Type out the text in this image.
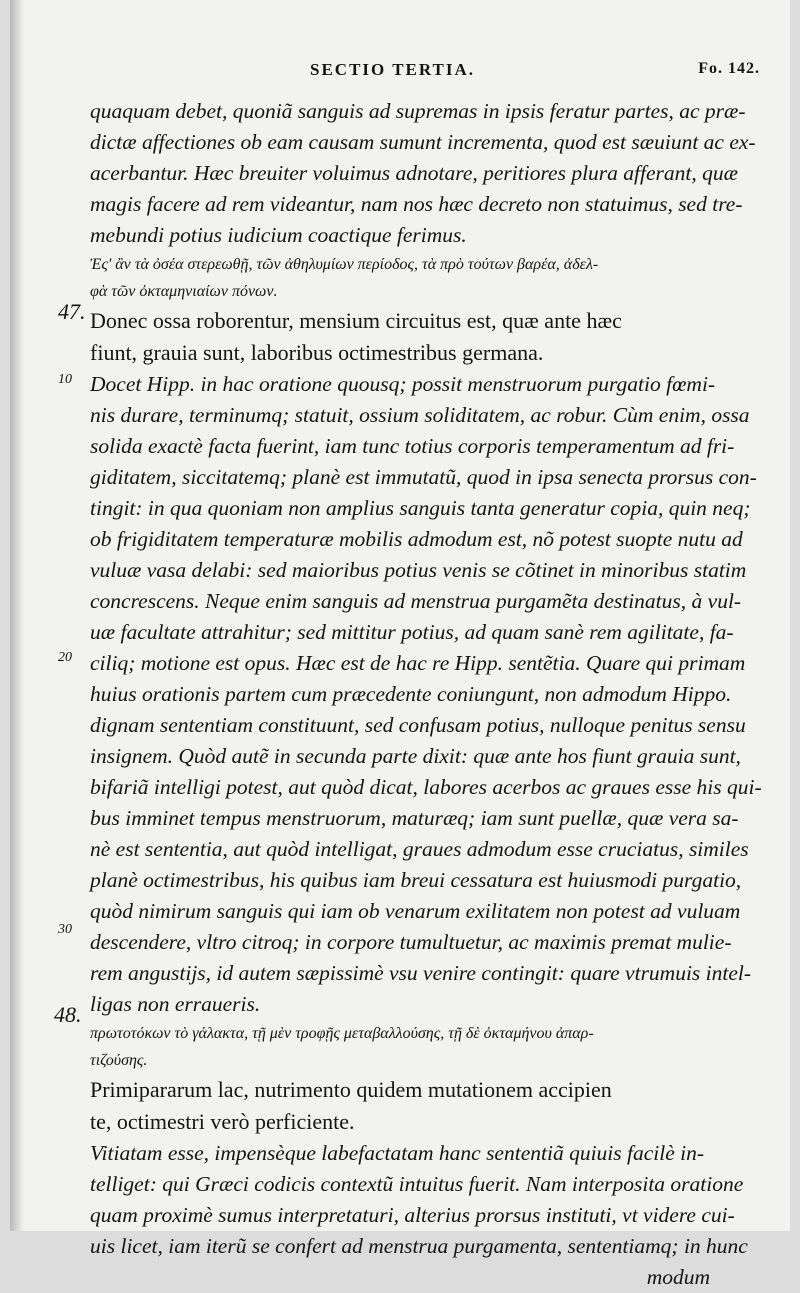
SECTIO TERTIA.	Fo. 142.
47.
10
20
30
48.
quaquam debet, quoniã sanguis ad supremas in ipsis feratur partes, ac præ-
dictæ affectiones ob eam causam sumunt incrementa, quod est sæuiunt ac ex-
acerbantur. Hæc breuiter voluimus adnotare, peritiores plura afferant, quæ
magis facere ad rem videantur, nam nos hæc decreto non statuimus, sed tre-
mebundi potius iudicium coactique ferimus.
Ἐς' ἂν τὰ ὀσέα στερεωθῇ, τῶν ἀθηλυμίων περίοδος, τὰ πρὸ τούτων βαρέα, ἀδελ-
φὰ τῶν ὀκταμηνιαίων πόνων.
Donec ossa roborentur, mensium circuitus est, quæ ante hæc
fiunt, grauia sunt, laboribus octimestribus germana.
Docet Hipp. in hac oratione quousq; possit menstruorum purgatio fœmi-
nis durare, terminumq; statuit, ossium soliditatem, ac robur. Cùm enim, ossa
solida exactè facta fuerint, iam tunc totius corporis temperamentum ad fri-
giditatem, siccitatemq; planè est immutatũ, quod in ipsa senecta prorsus con-
tingit: in qua quoniam non amplius sanguis tanta generatur copia, quin neq;
ob frigiditatem temperaturæ mobilis admodum est, nõ potest suopte nutu ad
vuluæ vasa delabi: sed maioribus potius venis se cõtinet in minoribus statim
concrescens. Neque enim sanguis ad menstrua purgamẽta destinatus, à vul-
uæ facultate attrahitur; sed mittitur potius, ad quam sanè rem agilitate, fa-
ciliq; motione est opus. Hæc est de hac re Hipp. sentẽtia. Quare qui primam
huius orationis partem cum præcedente coniungunt, non admodum Hippo.
dignam sententiam constituunt, sed confusam potius, nulloque penitus sensu
insignem. Quòd autẽ in secunda parte dixit: quæ ante hos fiunt grauia sunt,
bifariã intelligi potest, aut quòd dicat, labores acerbos ac graues esse his qui-
bus imminet tempus menstruorum, maturæq; iam sunt puellæ, quæ vera sa-
nè est sententia, aut quòd intelligat, graues admodum esse cruciatus, similes
planè octimestribus, his quibus iam breui cessatura est huiusmodi purgatio,
quòd nimirum sanguis qui iam ob venarum exilitatem non potest ad vuluam
descendere, vltro citroq; in corpore tumultuetur, ac maximis premat mulie-
rem angustijs, id autem sæpissimè vsu venire contingit: quare vtrumuis intel-
ligas non erraueris.
πρωτοτόκων τὸ γάλακτα, τῇ μὲν τροφῇς μεταβαλλούσης, τῇ δὲ ὀκταμήνου ἀπαρ-
τιζούσης.
Primipararum lac, nutrimento quidem mutationem accipien
te, octimestri verò perficiente.
Vitiatam esse, impensèque labefactatam hanc sententiã quiuis facilè in-
telliget: qui Græci codicis contextũ intuitus fuerit. Nam interposita oratione
quam proximè sumus interpretaturi, alterius prorsus instituti, vt videre cui-
uis licet, iam iterũ se confert ad menstrua purgamenta, sententiamq; in hunc
modum
